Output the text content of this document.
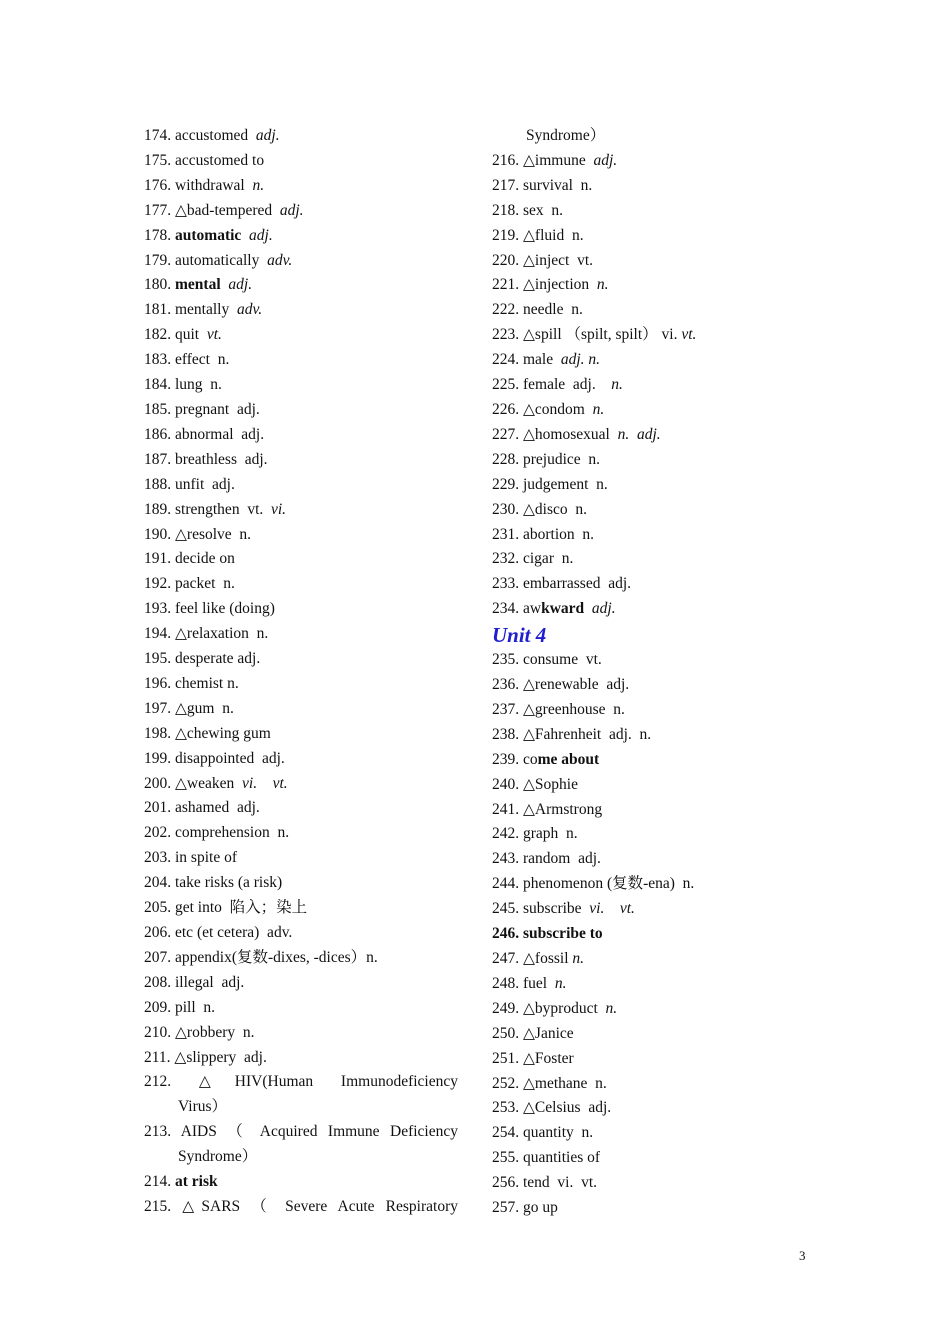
174. accustomed  adj.
175. accustomed to
176. withdrawal  n.
177. △bad-tempered  adj.
178. automatic adj.
179. automatically  adv.
180. mental adj.
181. mentally  adv.
182. quit  vt.
183. effect  n.
184. lung  n.
185. pregnant  adj.
186. abnormal  adj.
187. breathless  adj.
188. unfit  adj.
189. strengthen  vt.  vi.
190. △resolve  n.
191. decide on
192. packet  n.
193. feel like (doing)
194. △relaxation  n.
195. desperate adj.
196. chemist n.
197. △gum  n.
198. △chewing gum
199. disappointed  adj.
200. △weaken  vi.    vt.
201. ashamed  adj.
202. comprehension  n.
203. in spite of
204. take risks (a risk)
205. get into  陷入；染上
206. etc (et cetera)  adv.
207. appendix(复数-dixes, -dices）n.
208. illegal  adj.
209. pill  n.
210. △robbery  n.
211. △slippery  adj.
212. △HIV(Human Immunodeficiency
Virus）
213. AIDS （ Acquired Immune Deficiency
Syndrome）
214. at risk
215. △SARS （ Severe Acute Respiratory
Syndrome）
216. △immune  adj.
217. survival  n.
218. sex  n.
219. △fluid  n.
220. △inject  vt.
221. △injection  n.
222. needle  n.
223. △spill （spilt, spilt） vi. vt.
224. male  adj. n.
225. female  adj.    n.
226. △condom  n.
227. △homosexual  n.  adj.
228. prejudice  n.
229. judgement  n.
230. △disco  n.
231. abortion  n.
232. cigar  n.
233. embarrassed  adj.
234. awkward adj.
Unit 4
235. consume  vt.
236. △renewable  adj.
237. △greenhouse  n.
238. △Fahrenheit  adj.  n.
239. come about
240. △Sophie
241. △Armstrong
242. graph  n.
243. random  adj.
244. phenomenon (复数-ena)  n.
245. subscribe  vi.    vt.
246. subscribe to
247. △fossil n.
248. fuel  n.
249. △byproduct  n.
250. △Janice
251. △Foster
252. △methane  n.
253. △Celsius  adj.
254. quantity  n.
255. quantities of
256. tend  vi.  vt.
257. go up
3
